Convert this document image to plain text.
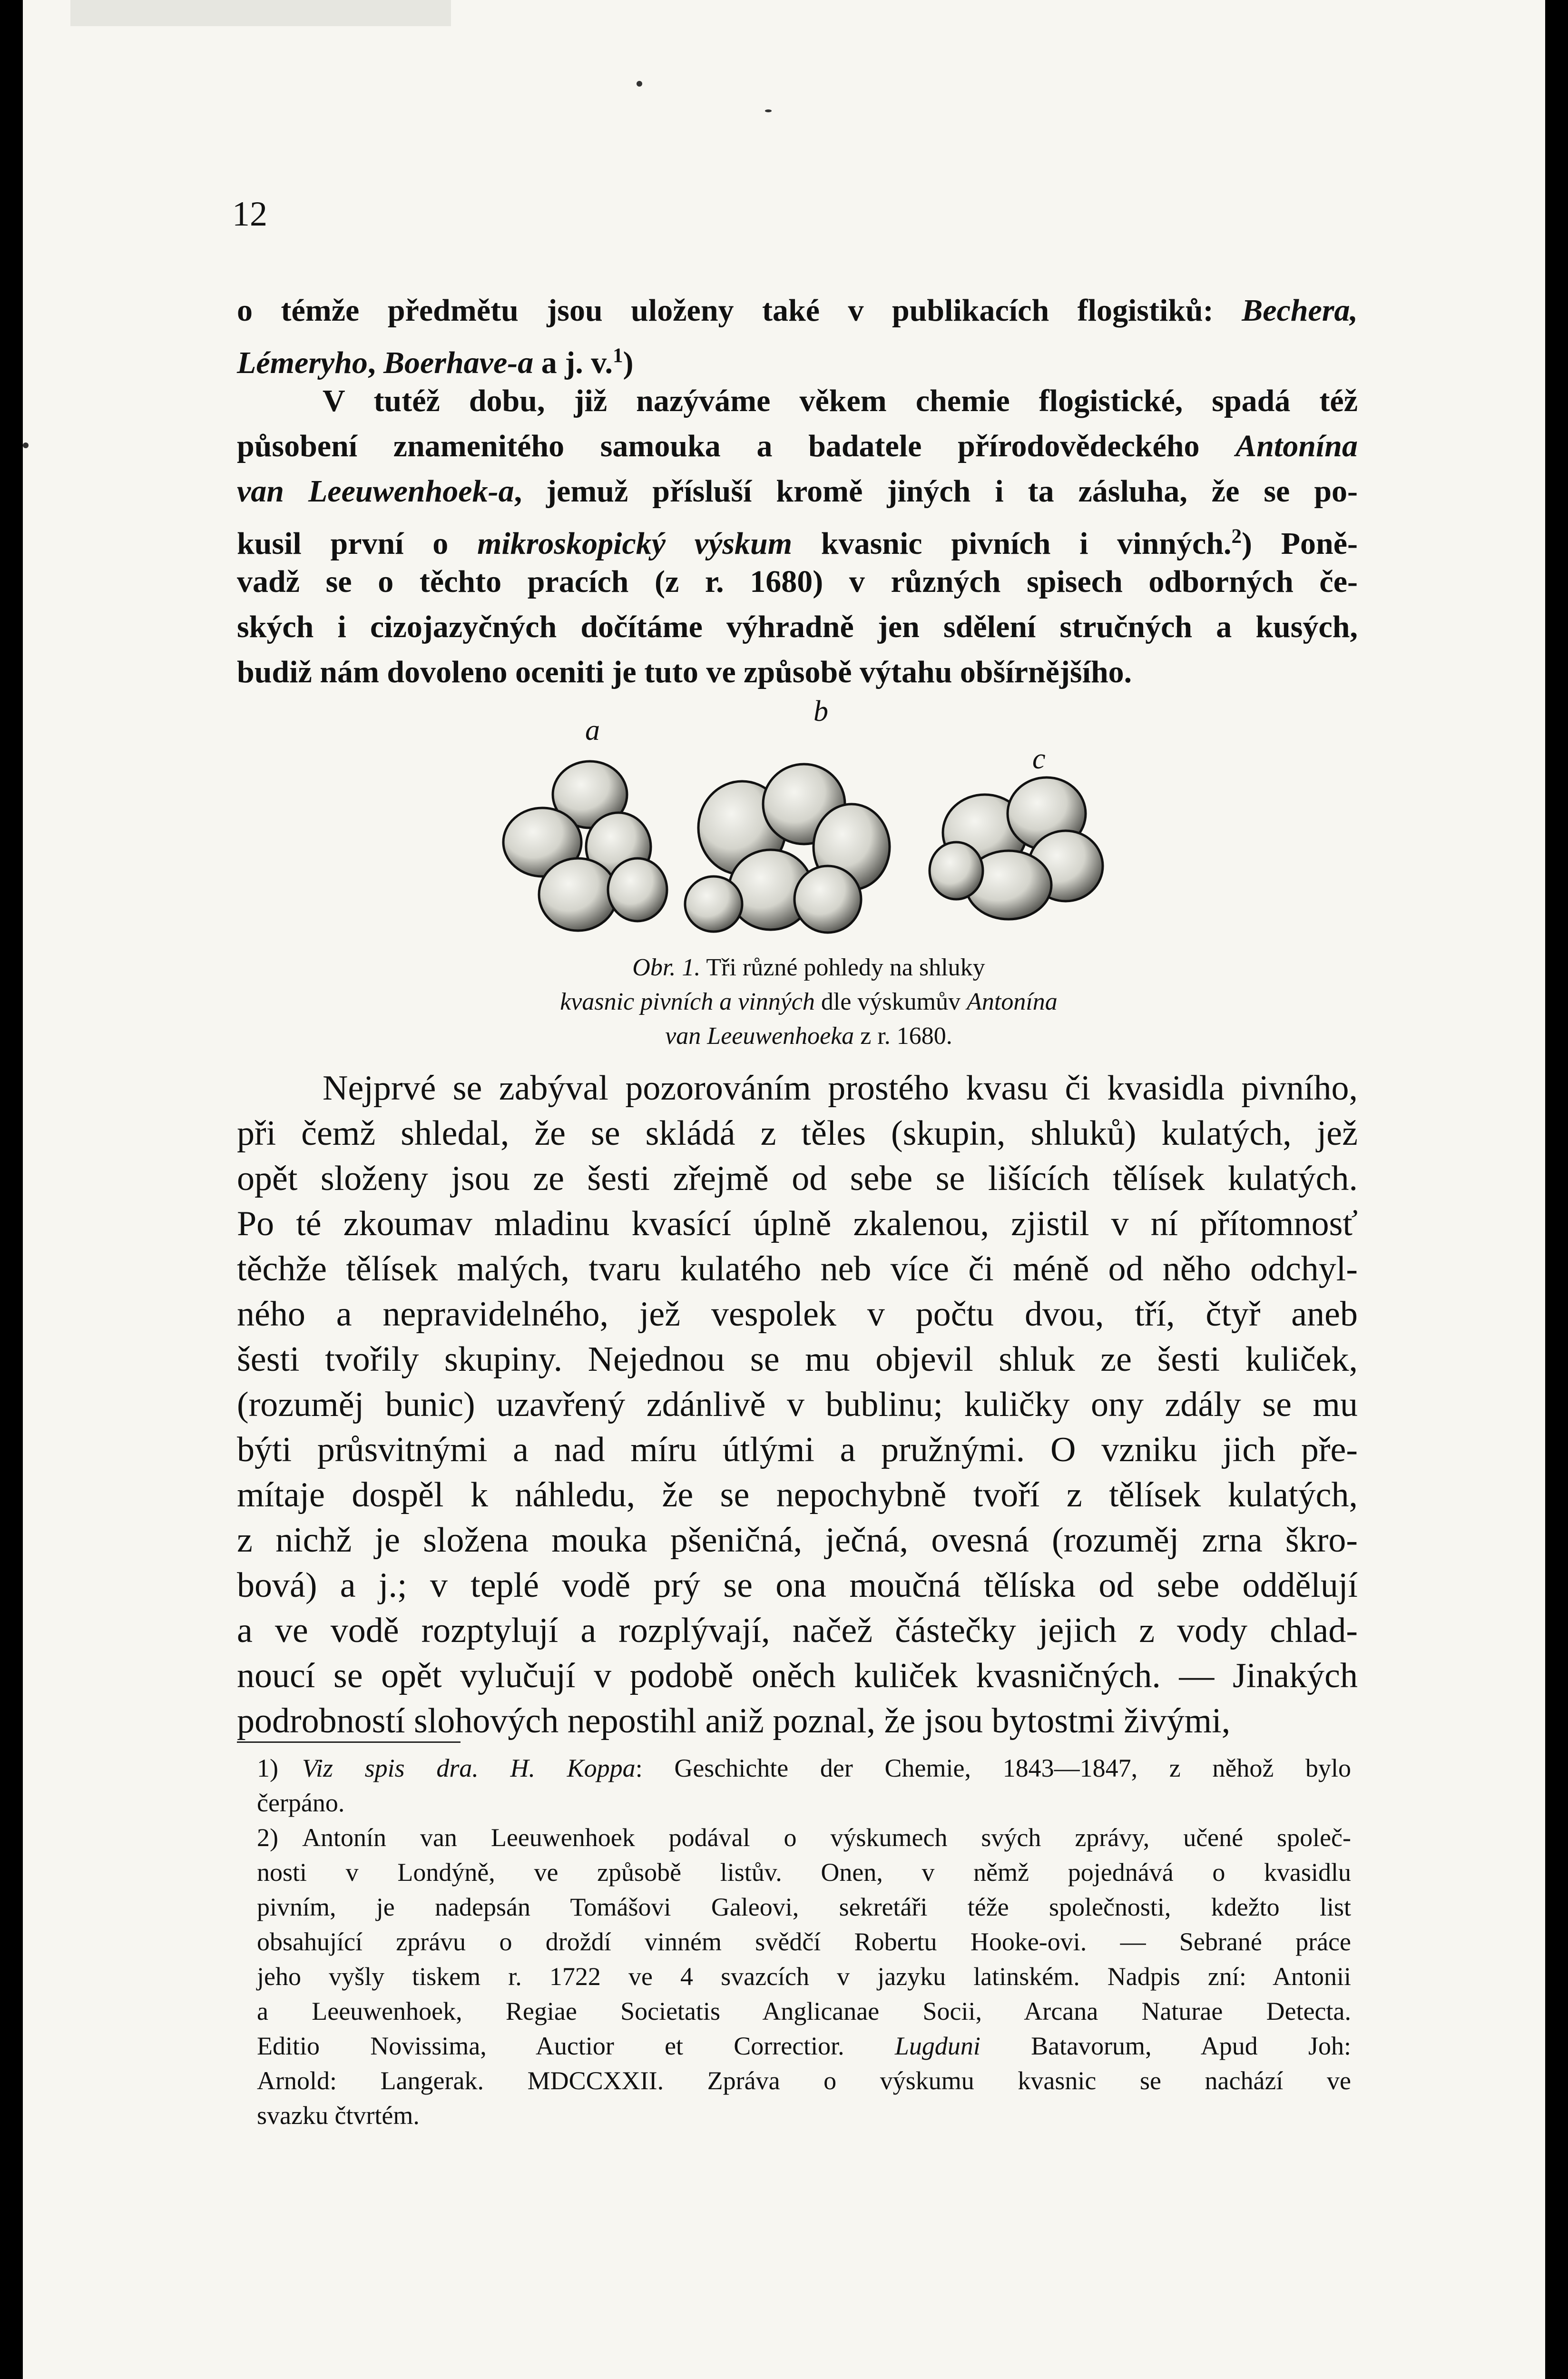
12
o témže předmětu jsou uloženy také v publikacích flogistiků: Bechera,
Lémeryho, Boerhave-a a j. v.$^1$)
V tutéž dobu, již nazýváme věkem chemie flogistické, spadá též
působení znamenitého samouka a badatele přírodovědeckého Antonína
van Leeuwenhoek-a, jemuž přísluší kromě jiných i ta zásluha, že se po-
kusil první o mikroskopický výskum kvasnic pivních i vinných.$^2$) Poně-
vadž se o těchto pracích (z r. 1680) v různých spisech odborných če-
ských i cizojazyčných dočítáme výhradně jen sdělení stručných a kusých,
budiž nám dovoleno oceniti je tuto ve způsobě výtahu obšírnějšího.
a
b
c
Obr. 1. Tři různé pohledy na shluky
kvasnic pivních a vinných dle výskumův Antonína
van Leeuwenhoeka z r. 1680.
Nejprvé se zabýval pozorováním prostého kvasu či kvasidla pivního,
při čemž shledal, že se skládá z těles (skupin, shluků) kulatých, jež
opět složeny jsou ze šesti zřejmě od sebe se lišících tělísek kulatých.
Po té zkoumav mladinu kvasící úplně zkalenou, zjistil v ní přítomnosť
těchže tělísek malých, tvaru kulatého neb více či méně od něho odchyl-
ného a nepravidelného, jež vespolek v počtu dvou, tří, čtyř aneb
šesti tvořily skupiny. Nejednou se mu objevil shluk ze šesti kuliček,
(rozuměj bunic) uzavřený zdánlivě v bublinu; kuličky ony zdály se mu
býti průsvitnými a nad míru útlými a pružnými. O vzniku jich pře-
mítaje dospěl k náhledu, že se nepochybně tvoří z tělísek kulatých,
z nichž je složena mouka pšeničná, ječná, ovesná (rozuměj zrna škro-
bová) a j.; v teplé vodě prý se ona moučná tělíska od sebe oddělují
a ve vodě rozptylují a rozplývají, načež částečky jejich z vody chlad-
noucí se opět vylučují v podobě oněch kuliček kvasničných. — Jinakých
podrobností slohových nepostihl aniž poznal, že jsou bytostmi živými,
1) Viz spis dra. H. Koppa: Geschichte der Chemie, 1843—1847, z něhož bylo
čerpáno.
2) Antonín van Leeuwenhoek podával o výskumech svých zprávy, učené společ-
nosti v Londýně, ve způsobě listův. Onen, v němž pojednává o kvasidlu
pivním, je nadepsán Tomášovi Galeovi, sekretáři téže společnosti, kdežto list
obsahující zprávu o droždí vinném svědčí Robertu Hooke-ovi. — Sebrané práce
jeho vyšly tiskem r. 1722 ve 4 svazcích v jazyku latinském. Nadpis zní: Antonii
a Leeuwenhoek, Regiae Societatis Anglicanae Socii, Arcana Naturae Detecta.
Editio Novissima, Auctior et Correctior. Lugduni Batavorum, Apud Joh:
Arnold: Langerak. MDCCXXII. Zpráva o výskumu kvasnic se nachází ve
svazku čtvrtém.
